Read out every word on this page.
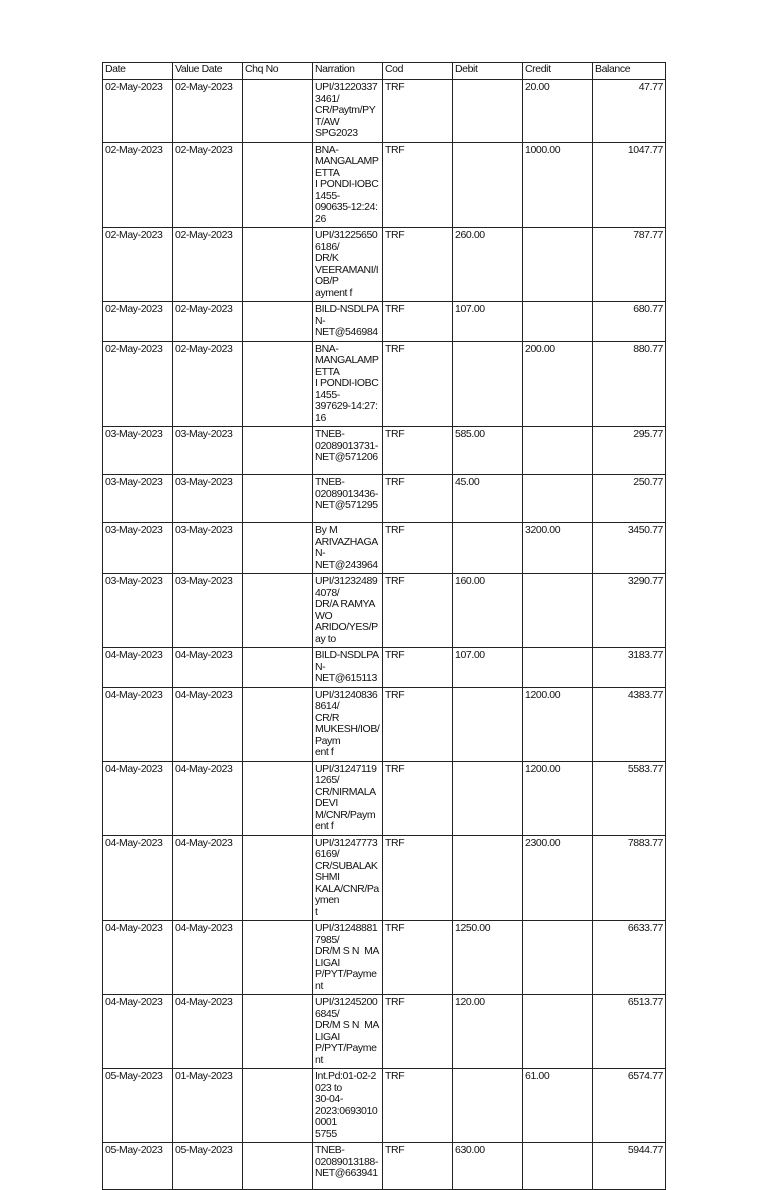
Date	Value Date	Chq No	Narration	Cod	Debit	Credit	Balance
02-May-2023	02-May-2023		UPI/312203373461/
CR/Paytm/PYT/AW
SPG2023	TRF		20.00	47.77
02-May-2023	02-May-2023		BNA-
MANGALAMPETTA
I PONDI-IOBC1455-
090635-12:24:26	TRF		1000.00	1047.77
02-May-2023	02-May-2023		UPI/312256506186/
DR/K
VEERAMANI/IOB/P
ayment f	TRF	260.00		787.77
02-May-2023	02-May-2023		BILD-NSDLPAN-
NET@546984	TRF	107.00		680.77
02-May-2023	02-May-2023		BNA-
MANGALAMPETTA
I PONDI-IOBC1455-
397629-14:27:16	TRF		200.00	880.77
03-May-2023	03-May-2023		TNEB-
02089013731-
NET@571206	TRF	585.00		295.77
03-May-2023	03-May-2023		TNEB-
02089013436-
NET@571295	TRF	45.00		250.77
03-May-2023	03-May-2023		By M
ARIVAZHAGAN-
NET@243964	TRF		3200.00	3450.77
03-May-2023	03-May-2023		UPI/312324894078/
DR/A RAMYA WO
ARIDO/YES/Pay to	TRF	160.00		3290.77
04-May-2023	04-May-2023		BILD-NSDLPAN-
NET@615113	TRF	107.00		3183.77
04-May-2023	04-May-2023		UPI/312408368614/
CR/R
MUKESH/IOB/Paym
ent f	TRF		1200.00	4383.77
04-May-2023	04-May-2023		UPI/312471191265/
CR/NIRMALADEVI
M/CNR/Payment f	TRF		1200.00	5583.77
04-May-2023	04-May-2023		UPI/312477736169/
CR/SUBALAKSHMI
KALA/CNR/Paymen
t	TRF		2300.00	7883.77
04-May-2023	04-May-2023		UPI/312488817985/
DR/M S N  MALIGAI
P/PYT/Payment	TRF	1250.00		6633.77
04-May-2023	04-May-2023		UPI/312452006845/
DR/M S N  MALIGAI
P/PYT/Payment	TRF	120.00		6513.77
05-May-2023	01-May-2023		Int.Pd:01-02-2023 to
30-04-
2023:06930100001
5755	TRF		61.00	6574.77
05-May-2023	05-May-2023		TNEB-
02089013188-
NET@663941	TRF	630.00		5944.77
